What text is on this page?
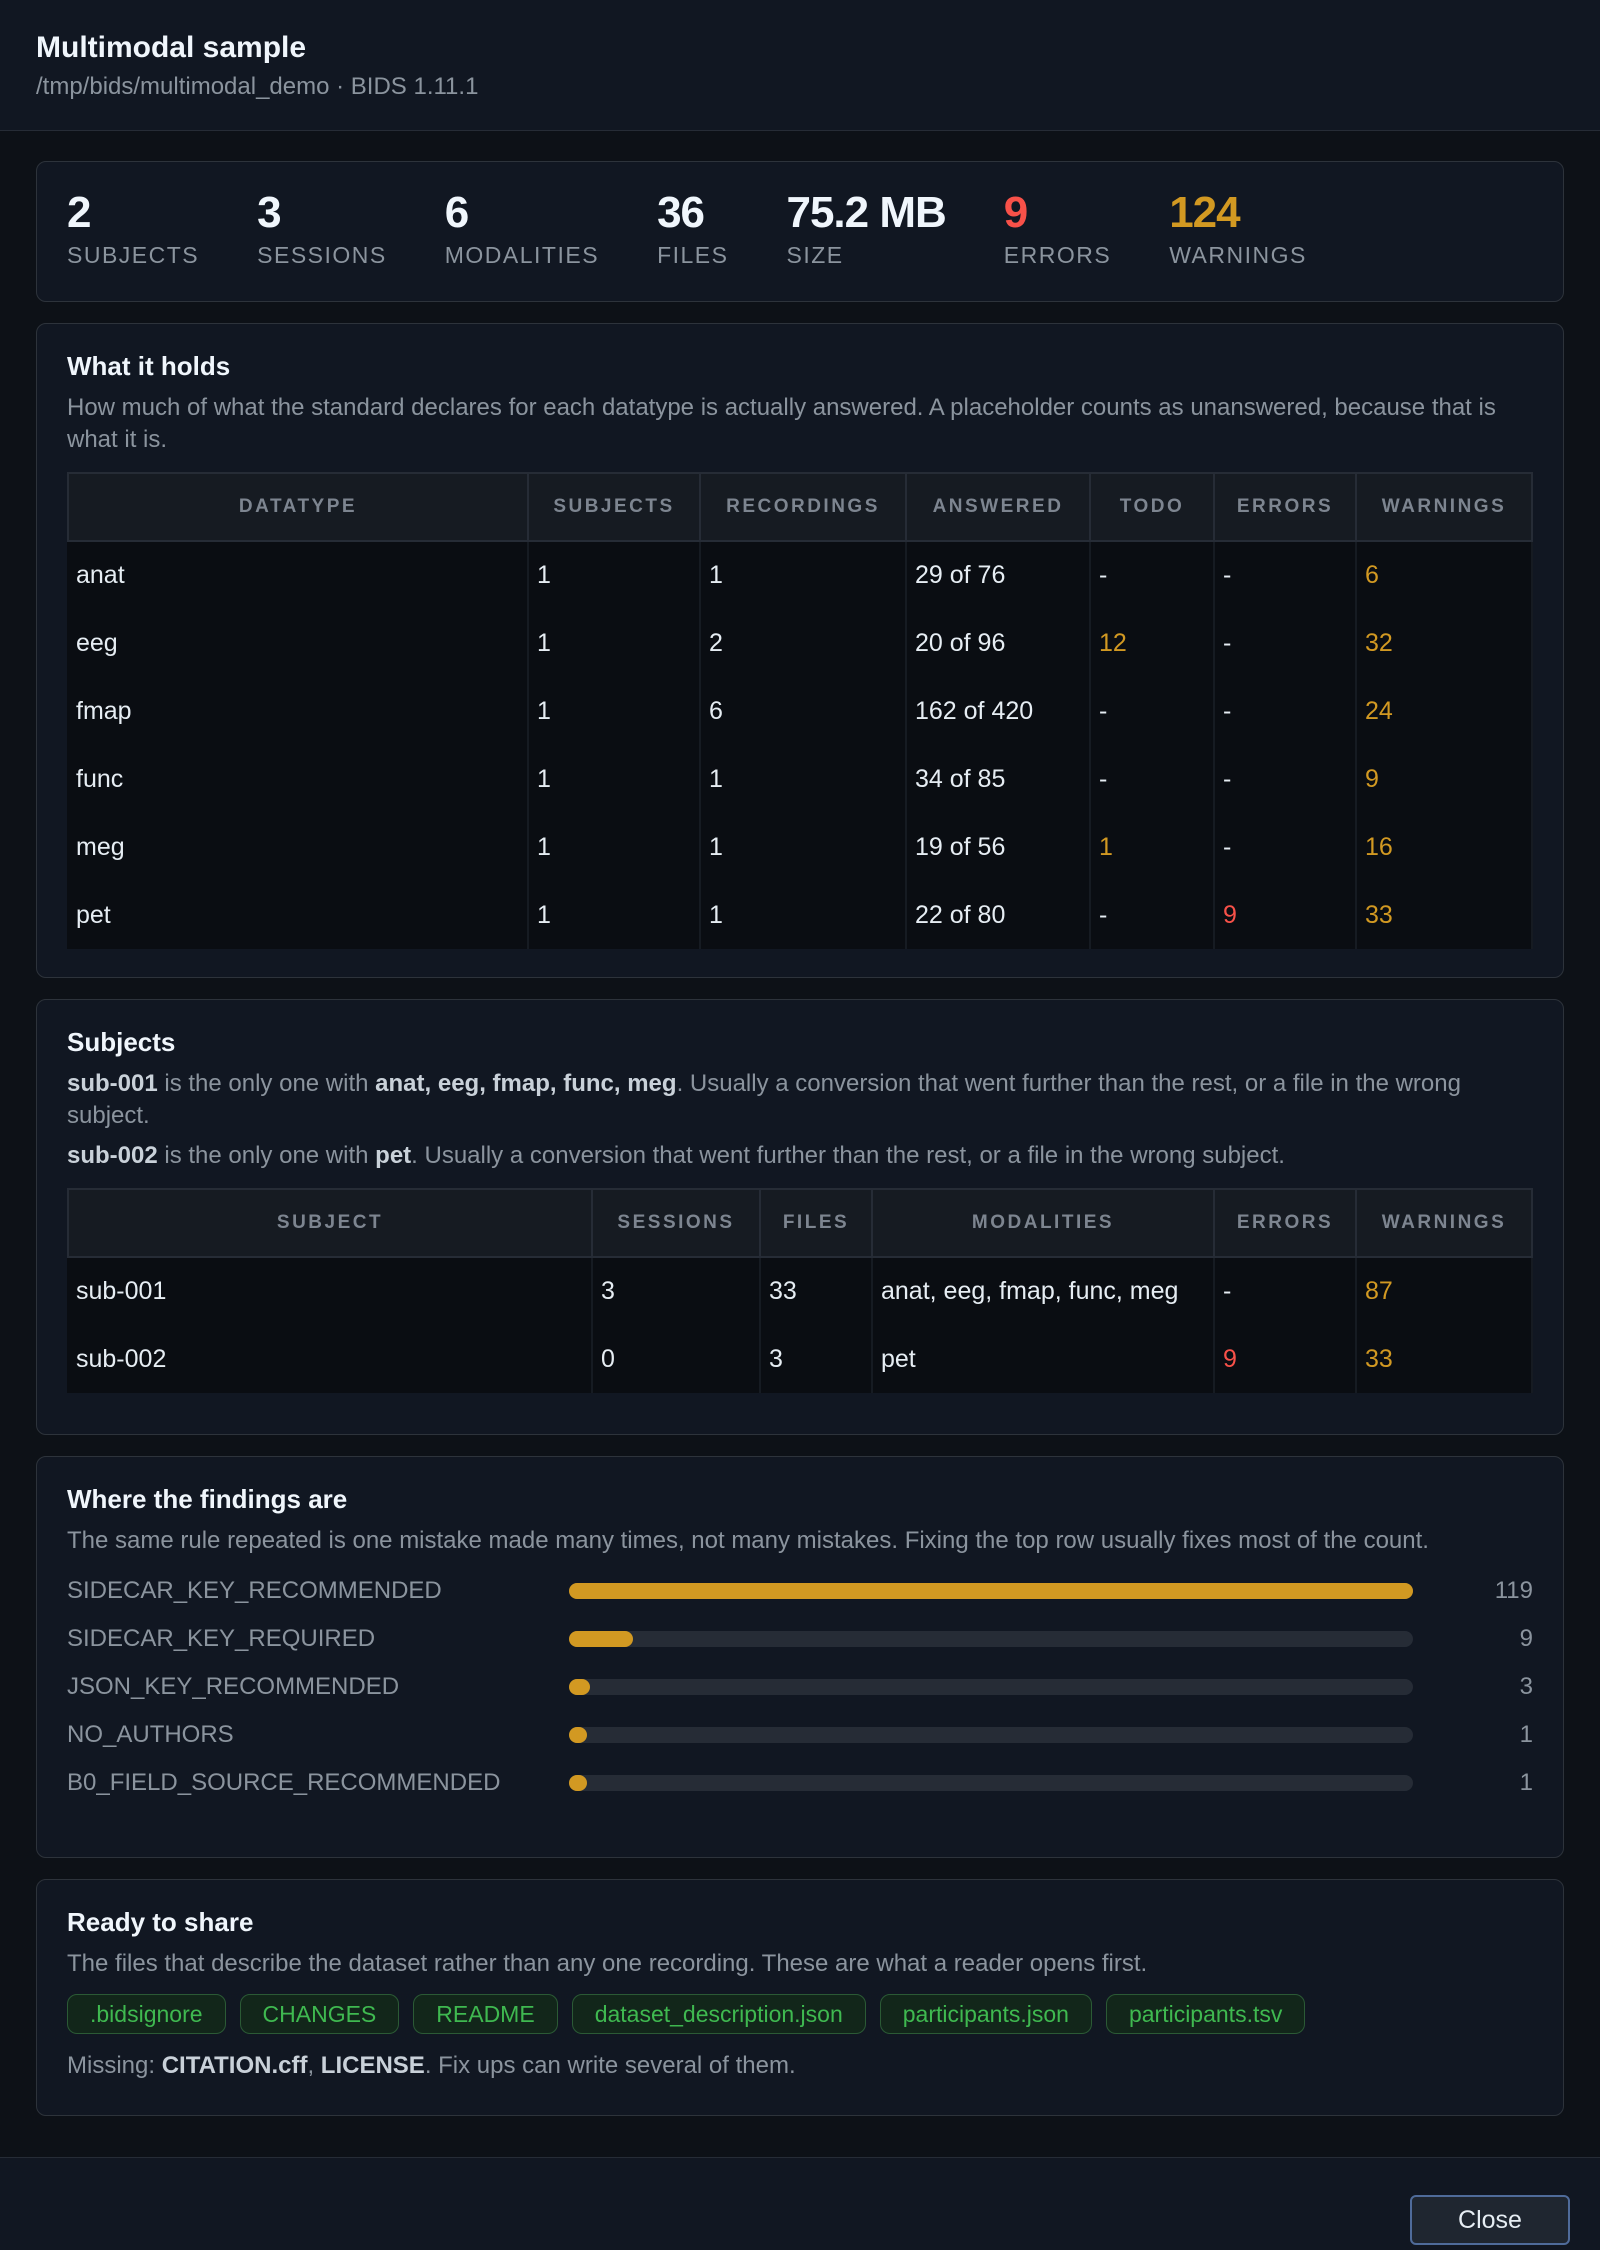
Multimodal sample
/tmp/bids/multimodal_demo · BIDS 1.11.1
2
SUBJECTS
3
SESSIONS
6
MODALITIES
36
FILES
75.2 MB
SIZE
9
ERRORS
124
WARNINGS
What it holds
How much of what the standard declares for each datatype is actually answered. A placeholder counts as unanswered, because that is what it is.
DATATYPE	SUBJECTS	RECORDINGS	ANSWERED	TODO	ERRORS	WARNINGS
anat	1	1	29 of 76	-	-	6
eeg	1	2	20 of 96	12	-	32
fmap	1	6	162 of 420	-	-	24
func	1	1	34 of 85	-	-	9
meg	1	1	19 of 56	1	-	16
pet	1	1	22 of 80	-	9	33
Subjects
sub-001 is the only one with anat, eeg, fmap, func, meg. Usually a conversion that went further than the rest, or a file in the wrong subject.
sub-002 is the only one with pet. Usually a conversion that went further than the rest, or a file in the wrong subject.
SUBJECT	SESSIONS	FILES	MODALITIES	ERRORS	WARNINGS
sub-001	3	33	anat, eeg, fmap, func, meg	-	87
sub-002	0	3	pet	9	33
Where the findings are
The same rule repeated is one mistake made many times, not many mistakes. Fixing the top row usually fixes most of the count.
SIDECAR_KEY_RECOMMENDED	119
SIDECAR_KEY_REQUIRED	9
JSON_KEY_RECOMMENDED	3
NO_AUTHORS	1
B0_FIELD_SOURCE_RECOMMENDED	1
Ready to share
The files that describe the dataset rather than any one recording. These are what a reader opens first.
.bidsignore	CHANGES	README	dataset_description.json	participants.json	participants.tsv
Missing: CITATION.cff, LICENSE. Fix ups can write several of them.
Close
